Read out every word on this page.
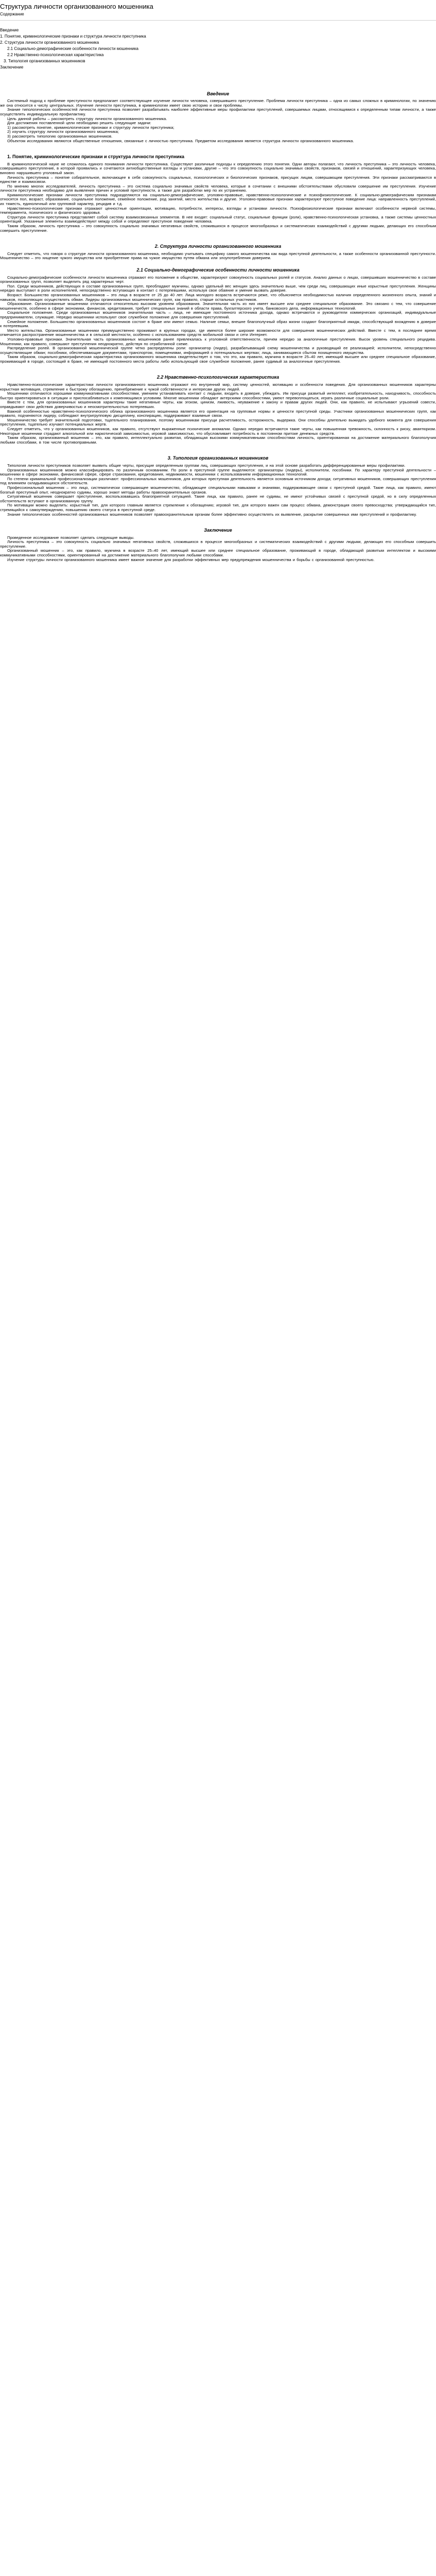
Структура личности организованного мошенника
Содержание
Введение
1. Понятие, криминологические признаки и структура личности преступника
2. Структура личности организованного мошенника
2.1 Социально-демографические особенности личности мошенника
2.2 Нравственно-психологическая характеристика
3. Типология организованных мошенников
Заключение
Введение

Системный подход к проблеме преступности предполагает соответствующее изучение личности человека, совершившего преступление. Проблема личности преступника – одна из самых сложных в криминологии, по значению же она относится к числу центральных. Изучение личности преступника, в криминологии имеет свою историю и свои проблемы.

Знание типологических особенностей личности преступника позволяет разрабатывать наиболее эффективные меры профилактики преступлений, совершаемых лицами, относящимися к определенным типам личности, а также осуществлять индивидуальную профилактику.

Цель данной работы – рассмотреть структуру личности организованного мошенника.

Для достижения поставленной цели необходимо решить следующие задачи:

1) рассмотреть понятие, криминологические признаки и структуру личности преступника;

2) изучить структуру личности организованного мошенника;

3) рассмотреть типологию организованных мошенников.

Объектом исследования являются общественные отношения, связанные с личностью преступника. Предметом исследования является структура личности организованного мошенника.

1. Понятие, криминологические признаки и структура личности преступника

В криминологической науке не сложилось единого понимания личности преступника. Существуют различные подходы к определению этого понятия. Одни авторы полагают, что личность преступника – это личность человека, совершившего преступление, в которой проявились и сочетаются антиобщественные взгляды и установки, другие – что это совокупность социально значимых свойств, признаков, связей и отношений, характеризующих человека, виновно нарушившего уголовный закон.

Личность преступника – понятие собирательное, включающее в себя совокупность социальных, психологических и биологических признаков, присущих лицам, совершающим преступления. Эти признаки рассматриваются в единстве и взаимосвязи.

По мнению многих исследователей, личность преступника – это система социально значимых свойств человека, которые в сочетании с внешними обстоятельствами обусловили совершение им преступления. Изучение личности преступника необходимо для выявления причин и условий преступности, а также для разработки мер по их устранению.

Криминологические признаки личности преступника подразделяются на социально-демографические, уголовно-правовые, нравственно-психологические и психофизиологические. К социально-демографическим признакам относятся пол, возраст, образование, социальное положение, семейное положение, род занятий, место жительства и другие. Уголовно-правовые признаки характеризуют преступное поведение лица: направленность преступлений, их тяжесть, единоличный или групповой характер, рецидив и т.д.

Нравственно-психологические признаки отражают ценностные ориентации, мотивацию, потребности, интересы, взгляды и установки личности. Психофизиологические признаки включают особенности нервной системы, темперамента, психического и физического здоровья.

Структура личности преступника представляет собой систему взаимосвязанных элементов. В нее входят: социальный статус, социальные функции (роли), нравственно-психологическая установка, а также системы ценностных ориентаций. Указанные элементы взаимодействуют между собой и определяют преступное поведение человека.

Таким образом, личность преступника – это совокупность социально значимых негативных свойств, сложившихся в процессе многообразных и систематических взаимодействий с другими людьми, делающих его способным совершить преступление.

2. Структура личности организованного мошенника

Следует отметить, что говоря о структуре личности организованного мошенника, необходимо учитывать специфику самого мошенничества как вида преступной деятельности, а также особенности организованной преступности. Мошенничество – это хищение чужого имущества или приобретение права на чужое имущество путем обмана или злоупотребления доверием.

2.1 Социально-демографические особенности личности мошенника

Социально-демографические особенности личности мошенника отражают его положение в обществе, характеризуют совокупность социальных ролей и статусов. Анализ данных о лицах, совершивших мошенничество в составе организованных групп, позволяет выделить ряд характерных черт.

Пол. Среди мошенников, действующих в составе организованных групп, преобладают мужчины, однако удельный вес женщин здесь значительно выше, чем среди лиц, совершающих иные корыстные преступления. Женщины нередко выступают в роли исполнителей, непосредственно вступающих в контакт с потерпевшими, используя свое обаяние и умение вызвать доверие.

Возраст. Большинство организованных мошенников – это лица в возрасте от 25 до 40 лет. Лица молодого возраста встречаются реже, что объясняется необходимостью наличия определенного жизненного опыта, знаний и навыков, позволяющих осуществлять обман. Лидеры организованных мошеннических групп, как правило, старше остальных участников.

Образование. Организованные мошенники отличаются относительно высоким уровнем образования. Значительная часть из них имеет высшее или среднее специальное образование. Это связано с тем, что совершение мошенничеств, особенно в сфере экономики, финансов, кредитования, требует специальных знаний в области права, бухгалтерского учета, банковского дела, информационных технологий.

Социальное положение. Среди организованных мошенников значительная часть – лица, не имеющие постоянного источника дохода, однако встречаются и руководители коммерческих организаций, индивидуальные предприниматели, служащие. Нередко мошенники используют свое служебное положение для совершения преступлений.

Семейное положение. Большинство организованных мошенников состоят в браке или имеют семью. Наличие семьи, внешне благополучный образ жизни создают благоприятный имидж, способствующий вхождению в доверие к потерпевшим.

Место жительства. Организованные мошенники преимущественно проживают в крупных городах, где имеются более широкие возможности для совершения мошеннических действий. Вместе с тем, в последнее время отмечается распространение мошенничества и в сельской местности, особенно с использованием средств мобильной связи и сети Интернет.

Уголовно-правовые признаки. Значительная часть организованных мошенников ранее привлекалась к уголовной ответственности, причем нередко за аналогичные преступления. Высок уровень специального рецидива. Мошенники, как правило, совершают преступления неоднократно, действуя по отработанной схеме.

Распределение ролей. В организованной мошеннической группе четко распределены роли: организатор (лидер), разрабатывающий схему мошенничества и руководящий ее реализацией; исполнители, непосредственно осуществляющие обман; пособники, обеспечивающие документами, транспортом, помещениями, информацией о потенциальных жертвах; лица, занимающиеся сбытом похищенного имущества.

Таким образом, социально-демографическая характеристика организованного мошенника свидетельствует о том, что это, как правило, мужчина в возрасте 25–40 лет, имеющий высшее или среднее специальное образование, проживающий в городе, состоящий в браке, не имеющий постоянного места работы либо использующий свое служебное положение, ранее судимый за аналогичные преступления.

2.2 Нравственно-психологическая характеристика

Нравственно-психологические характеристики личности организованного мошенника отражают его внутренний мир, систему ценностей, мотивацию и особенности поведения. Для организованных мошенников характерны корыстная мотивация, стремление к быстрому обогащению, пренебрежение к чужой собственности и интересам других людей.

Мошенники отличаются хорошими коммуникативными способностями, умением устанавливать контакт с людьми, входить в доверие, убеждать. Им присущи развитый интеллект, изобретательность, находчивость, способность быстро ориентироваться в ситуации и приспосабливаться к изменяющимся условиям. Многие мошенники обладают актерскими способностями, умеют перевоплощаться, играть различные социальные роли.

Вместе с тем, для организованных мошенников характерны такие негативные черты, как эгоизм, цинизм, лживость, неуважение к закону и правам других людей. Они, как правило, не испытывают угрызений совести, оправдывают свои действия доверчивостью и неосмотрительностью потерпевших.

Важной особенностью нравственно-психологического облика организованного мошенника является его ориентация на групповые нормы и ценности преступной среды. Участники организованных мошеннических групп, как правило, подчиняются лидеру, соблюдают внутригрупповую дисциплину, конспирацию, поддерживают взаимные связи.

Мошенничество требует значительной подготовки, тщательного планирования, поэтому мошенникам присущи расчетливость, осторожность, выдержка. Они способны длительно выжидать удобного момента для совершения преступления, тщательно изучают потенциальных жертв.

Следует отметить, что у организованных мошенников, как правило, отсутствуют выраженные психические аномалии. Однако нередко встречаются такие черты, как повышенная тревожность, склонность к риску, авантюризм. Некоторые мошенники страдают алкогольной или наркотической зависимостью, игровой зависимостью, что обусловливает потребность в постоянном притоке денежных средств.

Таким образом, организованный мошенник – это, как правило, интеллектуально развитая, обладающая высокими коммуникативными способностями личность, ориентированная на достижение материального благополучия любыми способами, в том числе противоправными.

3. Типология организованных мошенников

Типология личности преступников позволяет выявить общие черты, присущие определенным группам лиц, совершающих преступления, и на этой основе разработать дифференцированные меры профилактики.

Организованных мошенников можно классифицировать по различным основаниям. По роли в преступной группе выделяются: организаторы (лидеры), исполнители, пособники. По характеру преступной деятельности – мошенники в сфере экономики, финансовой сфере, сфере страхования, кредитования, недвижимости, мошенники с использованием информационных технологий.

По степени криминальной профессионализации различают: профессиональных мошенников, для которых преступная деятельность является основным источником дохода; ситуативных мошенников, совершающих преступления под влиянием складывающихся обстоятельств.

Профессиональный мошенник – это лицо, систематически совершающее мошенничество, обладающее специальными навыками и знаниями, поддерживающее связи с преступной средой. Такие лица, как правило, имеют богатый преступный опыт, неоднократно судимы, хорошо знают методы работы правоохранительных органов.

Ситуативный мошенник совершает преступление, воспользовавшись благоприятной ситуацией. Такие лица, как правило, ранее не судимы, не имеют устойчивых связей с преступной средой, но в силу определенных обстоятельств вступают в организованную группу.

По мотивации можно выделить: корыстный тип, для которого главным является стремление к обогащению; игровой тип, для которого важен сам процесс обмана, демонстрация своего превосходства; утверждающийся тип, стремящийся к самоутверждению, повышению своего статуса в преступной среде.

Знание типологических особенностей организованных мошенников позволяет правоохранительным органам более эффективно осуществлять их выявление, раскрытие совершенных ими преступлений и профилактику.

Заключение

Проведенное исследование позволяет сделать следующие выводы.

Личность преступника – это совокупность социально значимых негативных свойств, сложившихся в процессе многообразных и систематических взаимодействий с другими людьми, делающих его способным совершить преступление.

Организованный мошенник – это, как правило, мужчина в возрасте 25–40 лет, имеющий высшее или среднее специальное образование, проживающий в городе, обладающий развитым интеллектом и высокими коммуникативными способностями, ориентированный на достижение материального благополучия любыми способами.

Изучение структуры личности организованного мошенника имеет важное значение для разработки эффективных мер предупреждения мошенничества и борьбы с организованной преступностью.
